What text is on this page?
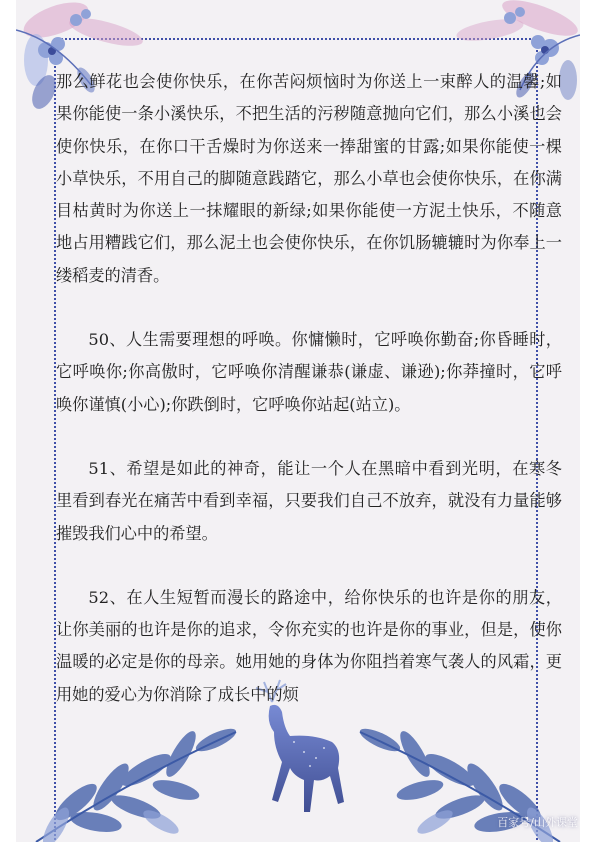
那么鲜花也会使你快乐，在你苦闷烦恼时为你送上一束醉人的温馨;如果你能使一条小溪快乐，不把生活的污秽随意抛向它们，那么小溪也会使你快乐，在你口干舌燥时为你送来一捧甜蜜的甘露;如果你能使一棵小草快乐，不用自己的脚随意践踏它，那么小草也会使你快乐，在你满目枯黄时为你送上一抹耀眼的新绿;如果你能使一方泥土快乐，不随意地占用糟践它们，那么泥土也会使你快乐，在你饥肠辘辘时为你奉上一缕稻麦的清香。

50、人生需要理想的呼唤。你慵懒时，它呼唤你勤奋;你昏睡时，它呼唤你;你高傲时，它呼唤你清醒谦恭(谦虚、谦逊);你莽撞时，它呼唤你谨慎(小心);你跌倒时，它呼唤你站起(站立)。

51、希望是如此的神奇，能让一个人在黑暗中看到光明，在寒冬里看到春光在痛苦中看到幸福，只要我们自己不放弃，就没有力量能够摧毁我们心中的希望。

52、在人生短暂而漫长的路途中，给你快乐的也许是你的朋友，让你美丽的也许是你的追求，令你充实的也许是你的事业，但是，使你温暖的必定是你的母亲。她用她的身体为你阻挡着寒气袭人的风霜，更用她的爱心为你消除了成长中的烦

百家号/山外课堂
